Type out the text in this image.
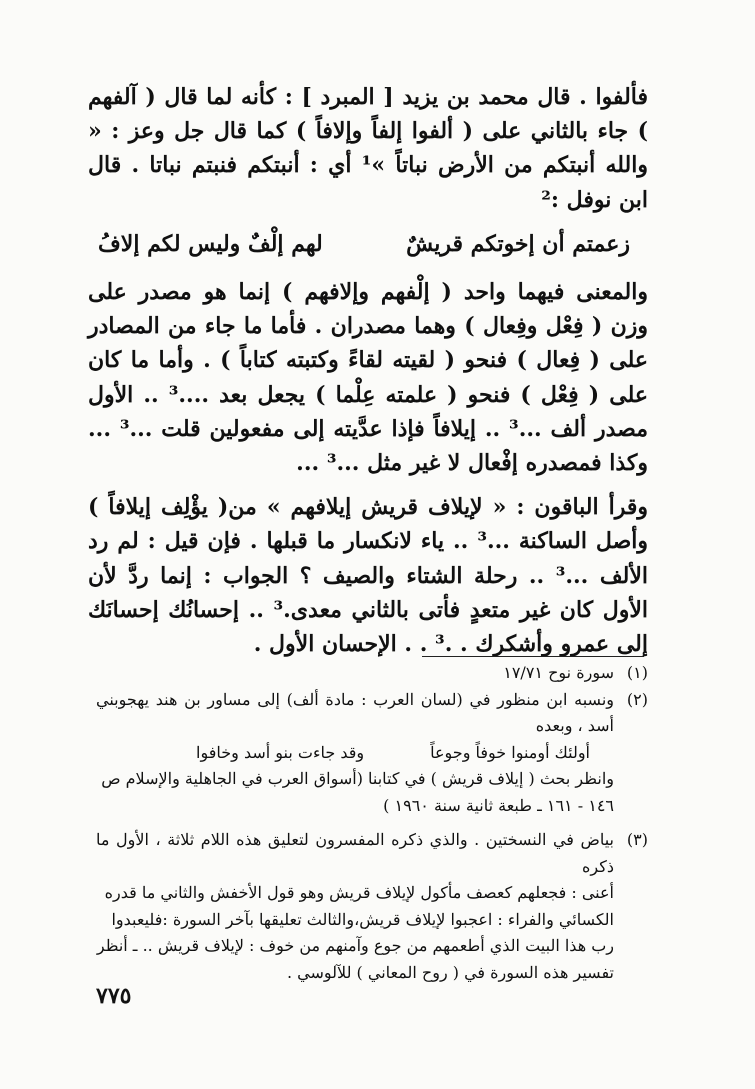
فألفوا . قال محمد بن يزيد [ المبرد ] : كأنه لما قال ( آلفهم ) جاء بالثاني على ( ألفوا إلفاً وإلافاً ) كما قال جل وعز : « والله أنبتكم من الأرض نباتاً »¹ أي : أنبتكم فنبتم نباتا . قال ابن نوفل :²

زعمتم أن إخوتكم قريشٌ
لهم إلْفٌ وليس لكم إلافُ

والمعنى فيهما واحد ( إلْفهم وإلافهم ) إنما هو مصدر على وزن ( فِعْل وفِعال ) وهما مصدران . فأما ما جاء من المصادر على ( فِعال ) فنحو ( لقيته لقاءً وكتبته كتاباً ) . وأما ما كان على ( فِعْل ) فنحو ( علمته عِلْما ) يجعل بعد ....³ .. الأول مصدر ألف ...³ .. إيلافاً فإذا عدَّيته إلى مفعولين قلت ...³ ... وكذا فمصدره إفْعال لا غير مثل ...³ ...

وقرأ الباقون : « لإيلاف قريش إيلافهم » من( يؤْلِف إيلافاً ) وأصل الساكنة ...³ .. ياء لانكسار ما قبلها . فإن قيل : لم رد الألف ...³ .. رحلة الشتاء والصيف ؟ الجواب : إنما ردَّ لأن الأول كان غير متعدٍ فأتى بالثاني معدى.³ .. إحسانُك إحسانَك إلى عمرو وأشكرك . .³ . . الإحسان الأول .

(١)

سورة نوح ١٧/٧١

(٢)

ونسبه ابن منظور في (لسان العرب : مادة ألف) إلى مساور بن هند يهجوبني أسد ، وبعده

أولئك أومنوا خوفاً وجوعاً
وقد جاءت بنو أسد وخافوا

وانظر بحث ( إيلاف قريش ) في كتابنا (أسواق العرب في الجاهلية والإسلام ص

١٤٦ - ١٦١ ـ طبعة ثانية سنة ١٩٦٠ )

(٣)

بياض في النسختين . والذي ذكره المفسرون لتعليق هذه اللام ثلاثة ، الأول ما ذكره

أعنى : فجعلهم كعصف مأكول لإيلاف قريش وهو قول الأخفش والثاني ما قدره

الكسائي والفراء : اعجبوا لإيلاف قريش،والثالث تعليقها بآخر السورة :فليعبدوا

رب هذا البيت الذي أطعمهم من جوع وآمنهم من خوف : لإيلاف قريش .. ـ أنظر

تفسير هذه السورة في ( روح المعاني ) للآلوسي .

٧٧٥
